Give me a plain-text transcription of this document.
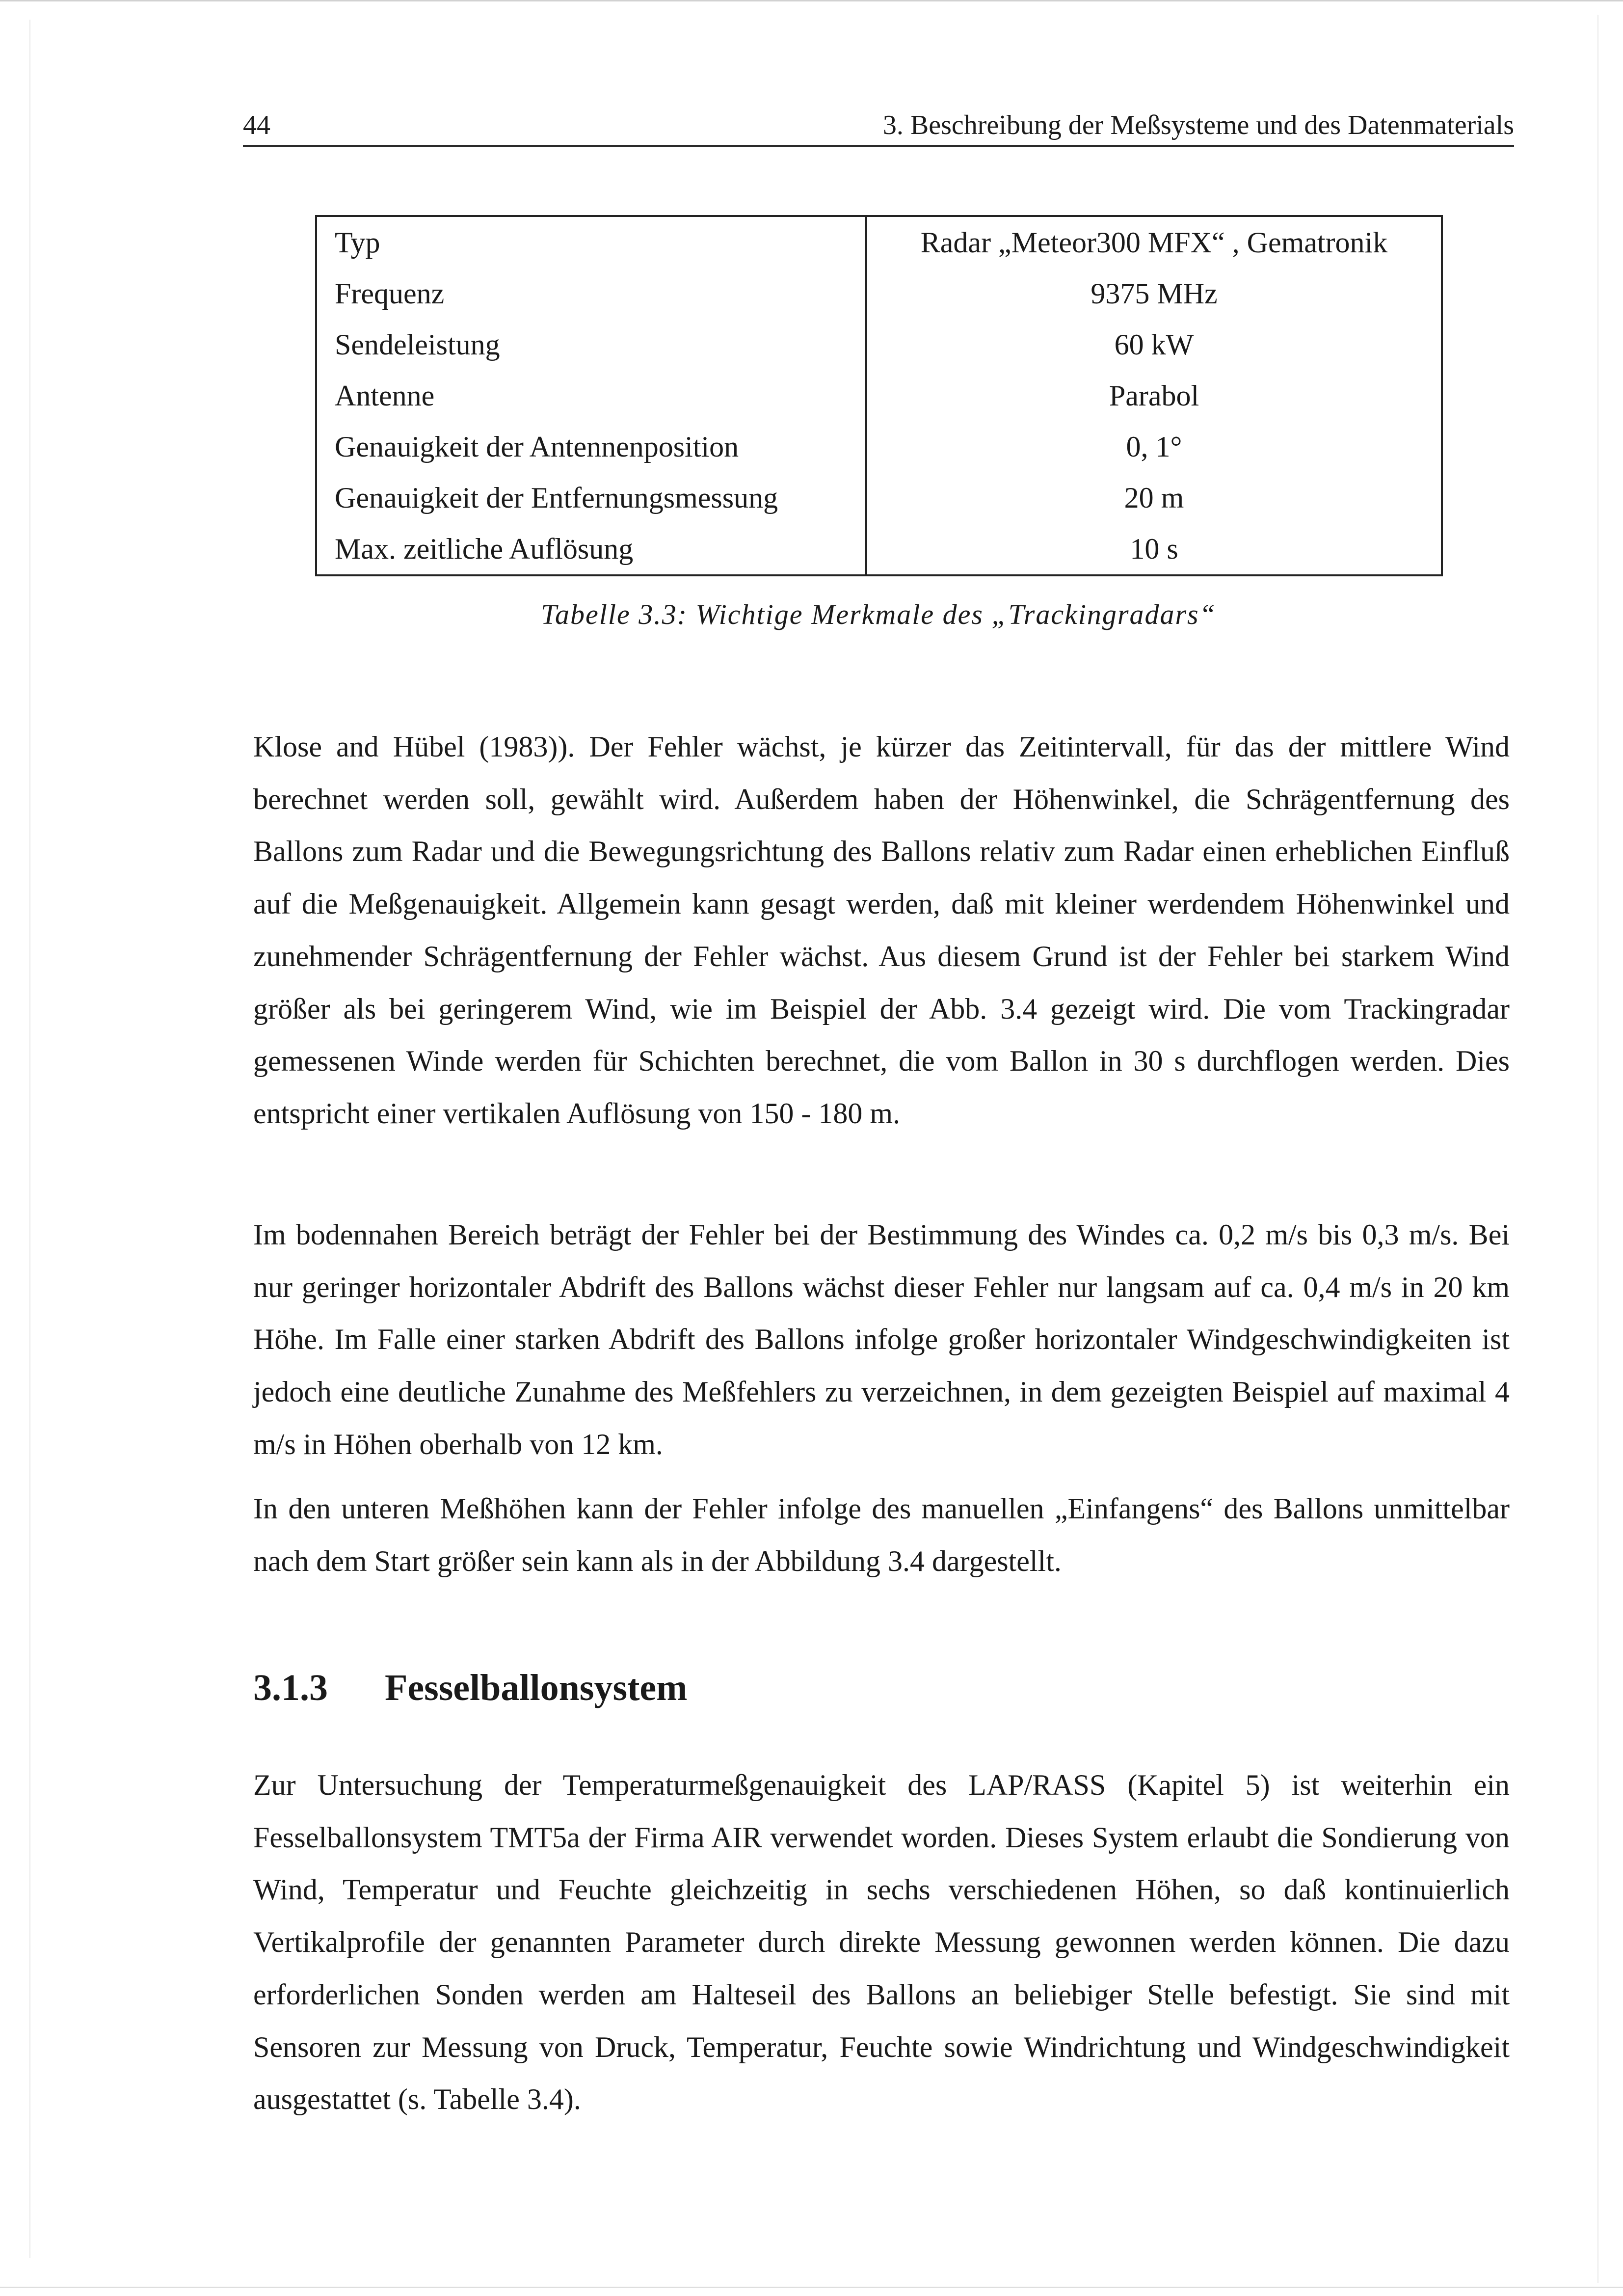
44	3. Beschreibung der Meßsysteme und des Datenmaterials
Typ	Radar „Meteor300 MFX“ , Gematronik
Frequenz	9375 MHz
Sendeleistung	60 kW
Antenne	Parabol
Genauigkeit der Antennenposition	0, 1°
Genauigkeit der Entfernungsmessung	20 m
Max. zeitliche Auflösung	10 s
Tabelle 3.3: Wichtige Merkmale des „Trackingradars“

Klose and Hübel (1983)). Der Fehler wächst, je kürzer das Zeitintervall, für das der mittlere Wind berechnet werden soll, gewählt wird. Außerdem haben der Höhenwinkel, die Schrägentfernung des Ballons zum Radar und die Bewegungsrichtung des Ballons relativ zum Radar einen erheblichen Einfluß auf die Meßgenauigkeit. Allgemein kann gesagt werden, daß mit kleiner werdendem Höhenwinkel und zunehmender Schrägentfernung der Fehler wächst. Aus diesem Grund ist der Fehler bei starkem Wind größer als bei geringerem Wind, wie im Beispiel der Abb. 3.4 gezeigt wird. Die vom Trackingradar gemessenen Winde werden für Schichten berechnet, die vom Ballon in 30 s durchflogen werden. Dies entspricht einer vertikalen Auflösung von 150 - 180 m.

Im bodennahen Bereich beträgt der Fehler bei der Bestimmung des Windes ca. 0,2 m/s bis 0,3 m/s. Bei nur geringer horizontaler Abdrift des Ballons wächst dieser Fehler nur langsam auf ca. 0,4 m/s in 20 km Höhe. Im Falle einer starken Abdrift des Ballons infolge großer horizontaler Windgeschwindigkeiten ist jedoch eine deutliche Zunahme des Meßfehlers zu verzeichnen, in dem gezeigten Beispiel auf maximal 4 m/s in Höhen oberhalb von 12 km.

In den unteren Meßhöhen kann der Fehler infolge des manuellen „Einfangens“ des Ballons unmittelbar nach dem Start größer sein kann als in der Abbildung 3.4 dargestellt.

3.1.3 Fesselballonsystem

Zur Untersuchung der Temperaturmeßgenauigkeit des LAP/RASS (Kapitel 5) ist weiterhin ein Fesselballonsystem TMT5a der Firma AIR verwendet worden. Dieses System erlaubt die Sondierung von Wind, Temperatur und Feuchte gleichzeitig in sechs verschiedenen Höhen, so daß kontinuierlich Vertikalprofile der genannten Parameter durch direkte Messung gewonnen werden können. Die dazu erforderlichen Sonden werden am Halteseil des Ballons an beliebiger Stelle befestigt. Sie sind mit Sensoren zur Messung von Druck, Temperatur, Feuchte sowie Windrichtung und Windgeschwindigkeit ausgestattet (s. Tabelle 3.4).
